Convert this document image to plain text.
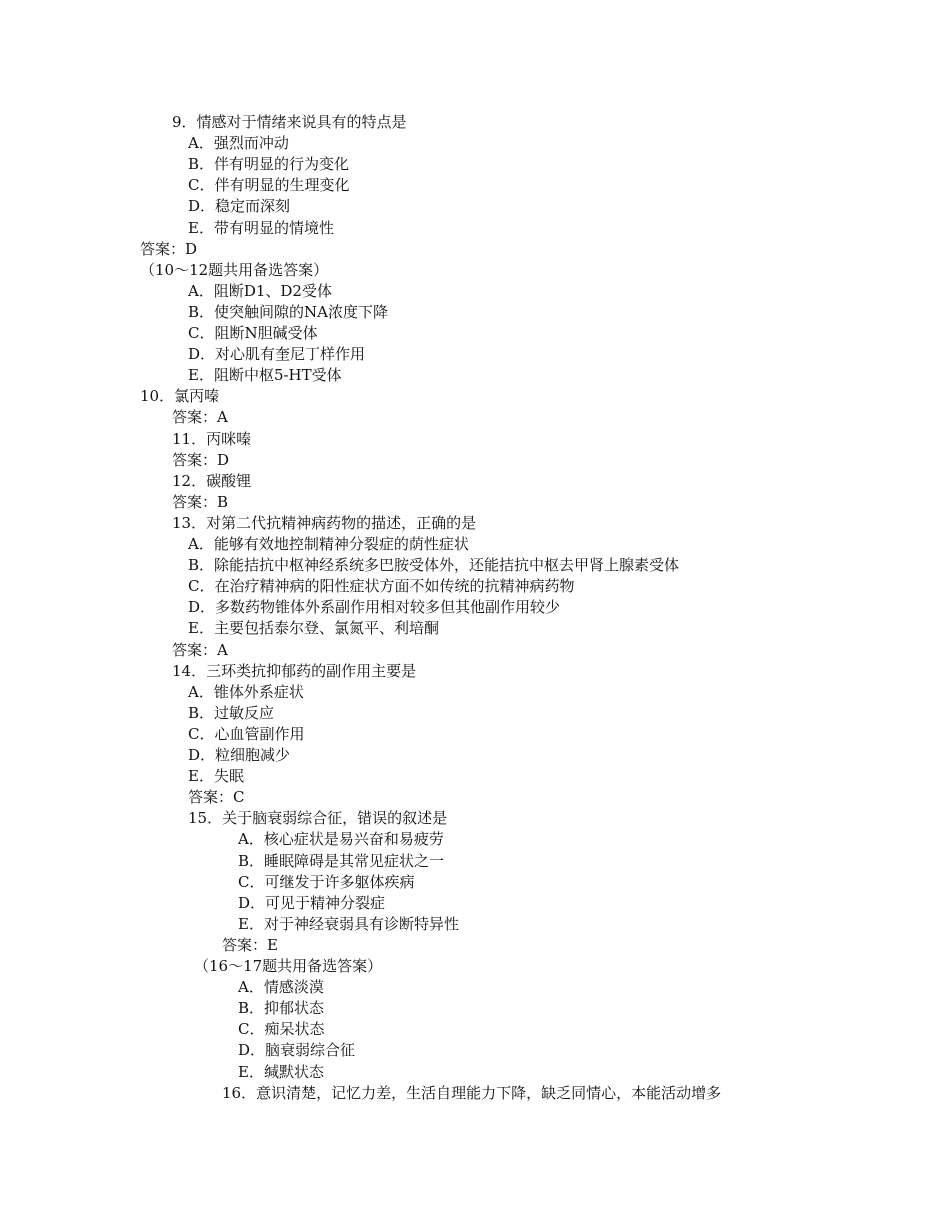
9．情感对于情绪来说具有的特点是
A．强烈而冲动
B．伴有明显的行为变化
C．伴有明显的生理变化
D．稳定而深刻
E．带有明显的情境性
答案：D
（10～12题共用备选答案）
A．阻断D1、D2受体
B．使突触间隙的NA浓度下降
C．阻断N胆碱受体
D．对心肌有奎尼丁样作用
E．阻断中枢5-HT受体
10．氯丙嗪
答案：A
11．丙咪嗪
答案：D
12．碳酸锂
答案：B
13．对第二代抗精神病药物的描述，正确的是
A．能够有效地控制精神分裂症的荫性症状
B．除能拮抗中枢神经系统多巴胺受体外，还能拮抗中枢去甲肾上腺素受体
C．在治疗精神病的阳性症状方面不如传统的抗精神病药物
D．多数药物锥体外系副作用相对较多但其他副作用较少
E．主要包括泰尔登、氯氮平、利培酮
答案：A
14．三环类抗抑郁药的副作用主要是
A．锥体外系症状
B．过敏反应
C．心血管副作用
D．粒细胞减少
E．失眠
答案：C
15．关于脑衰弱综合征，错误的叙述是
A．核心症状是易兴奋和易疲劳
B．睡眠障碍是其常见症状之一
C．可继发于许多躯体疾病
D．可见于精神分裂症
E．对于神经衰弱具有诊断特异性
答案：E
（16～17题共用备选答案）
A．情感淡漠
B．抑郁状态
C．痴呆状态
D．脑衰弱综合征
E．缄默状态
16．意识清楚，记忆力差，生活自理能力下降，缺乏同情心，本能活动增多
